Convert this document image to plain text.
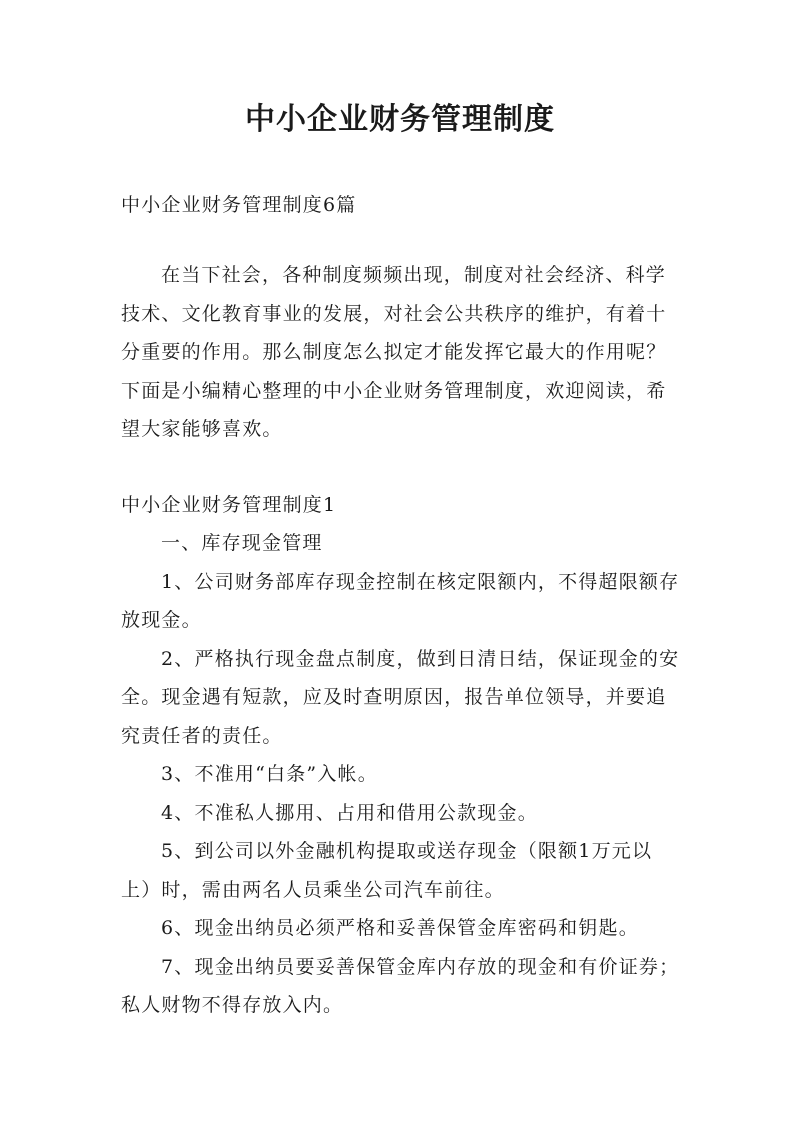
中小企业财务管理制度

中小企业财务管理制度6篇

在当下社会，各种制度频频出现，制度对社会经济、科学技术、文化教育事业的发展，对社会公共秩序的维护，有着十分重要的作用。那么制度怎么拟定才能发挥它最大的作用呢？下面是小编精心整理的中小企业财务管理制度，欢迎阅读，希望大家能够喜欢。

中小企业财务管理制度1

一、库存现金管理

1、公司财务部库存现金控制在核定限额内，不得超限额存放现金。

2、严格执行现金盘点制度，做到日清日结，保证现金的安全。现金遇有短款，应及时查明原因，报告单位领导，并要追究责任者的责任。

3、不准用“白条”入帐。

4、不准私人挪用、占用和借用公款现金。

5、到公司以外金融机构提取或送存现金（限额1万元以上）时，需由两名人员乘坐公司汽车前往。

6、现金出纳员必须严格和妥善保管金库密码和钥匙。

7、现金出纳员要妥善保管金库内存放的现金和有价证券；私人财物不得存放入内。
